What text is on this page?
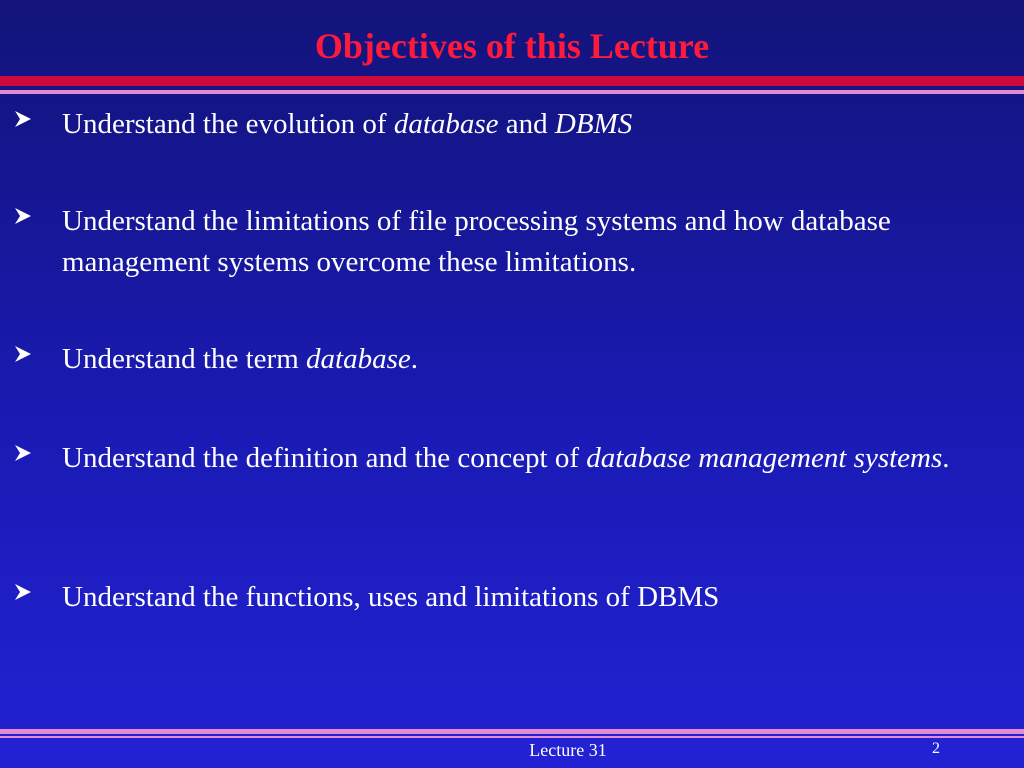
Objectives of this Lecture
Understand the evolution of database and DBMS
Understand the limitations of file processing systems and how database management systems overcome these limitations.
Understand the term database.
Understand the definition and the concept of database management systems.
Understand the functions, uses and limitations of DBMS
Lecture 31	2
